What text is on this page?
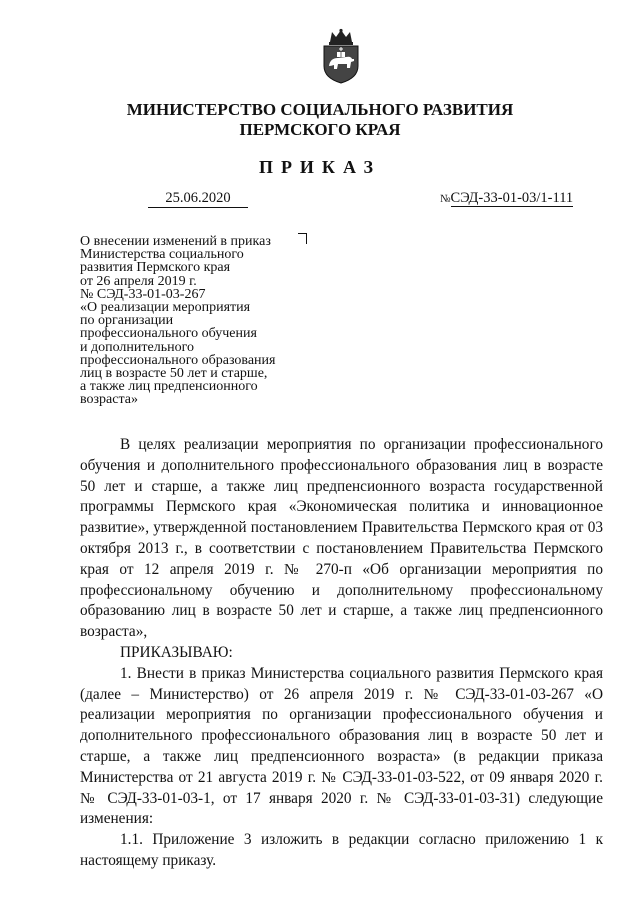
МИНИСТЕРСТВО СОЦИАЛЬНОГО РАЗВИТИЯ
ПЕРМСКОГО КРАЯ
ПРИКАЗ
25.06.2020	№СЭД-33-01-03/1-111
О внесении изменений в приказ
Министерства социального
развития Пермского края
от 26 апреля 2019 г.
№ СЭД-33-01-03-267
«О реализации мероприятия
по организации
профессионального обучения
и дополнительного
профессионального образования
лиц в возрасте 50 лет и старше,
а также лиц предпенсионного
возраста»

В целях реализации мероприятия по организации профессионального обучения и дополнительного профессионального образования лиц в возрасте 50 лет и старше, а также лиц предпенсионного возраста государственной программы Пермского края «Экономическая политика и инновационное развитие», утвержденной постановлением Правительства Пермского края от 03 октября 2013 г., в соответствии с постановлением Правительства Пермского края от 12 апреля 2019 г. № 270-п «Об организации мероприятия по профессиональному обучению и дополнительному профессиональному образованию лиц в возрасте 50 лет и старше, а также лиц предпенсионного возраста»,

ПРИКАЗЫВАЮ:

1. Внести в приказ Министерства социального развития Пермского края (далее – Министерство) от 26 апреля 2019 г. № СЭД-33-01-03-267 «О реализации мероприятия по организации профессионального обучения и дополнительного профессионального образования лиц в возрасте 50 лет и старше, а также лиц предпенсионного возраста» (в редакции приказа Министерства от 21 августа 2019 г. № СЭД-33-01-03-522, от 09 января 2020 г. № СЭД-33-01-03-1, от 17 января 2020 г. № СЭД-33-01-03-31) следующие изменения:

1.1. Приложение 3 изложить в редакции согласно приложению 1 к настоящему приказу.
